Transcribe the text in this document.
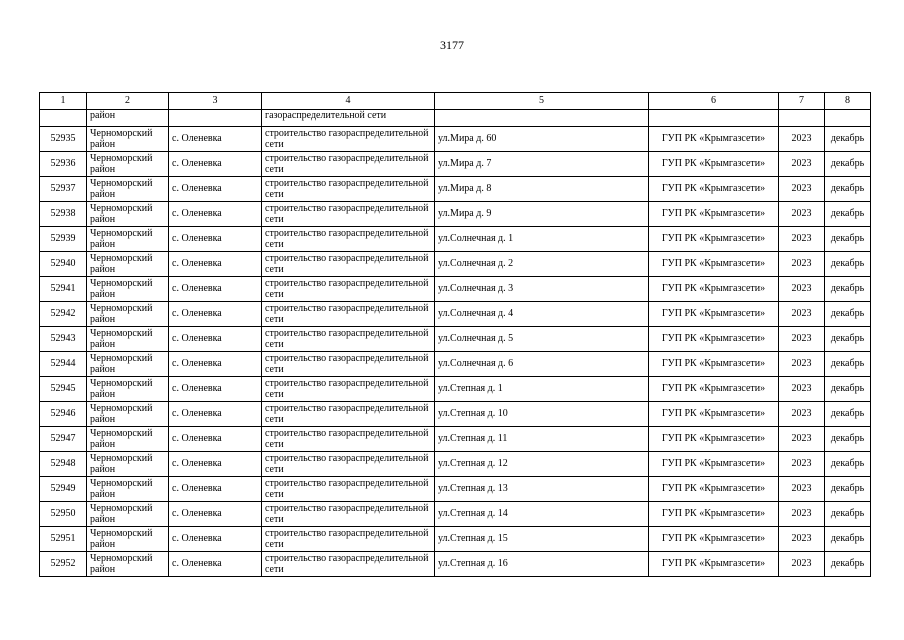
3177
1	2	3	4	5	6	7	8
	район		газораспределительной сети				
52935	Черноморский район	с. Оленевка	строительство газораспределительной сети	ул.Мира д. 60	ГУП РК «Крымгазсети»	2023	декабрь
52936	Черноморский район	с. Оленевка	строительство газораспределительной сети	ул.Мира д. 7	ГУП РК «Крымгазсети»	2023	декабрь
52937	Черноморский район	с. Оленевка	строительство газораспределительной сети	ул.Мира д. 8	ГУП РК «Крымгазсети»	2023	декабрь
52938	Черноморский район	с. Оленевка	строительство газораспределительной сети	ул.Мира д. 9	ГУП РК «Крымгазсети»	2023	декабрь
52939	Черноморский район	с. Оленевка	строительство газораспределительной сети	ул.Солнечная д. 1	ГУП РК «Крымгазсети»	2023	декабрь
52940	Черноморский район	с. Оленевка	строительство газораспределительной сети	ул.Солнечная д. 2	ГУП РК «Крымгазсети»	2023	декабрь
52941	Черноморский район	с. Оленевка	строительство газораспределительной сети	ул.Солнечная д. 3	ГУП РК «Крымгазсети»	2023	декабрь
52942	Черноморский район	с. Оленевка	строительство газораспределительной сети	ул.Солнечная д. 4	ГУП РК «Крымгазсети»	2023	декабрь
52943	Черноморский район	с. Оленевка	строительство газораспределительной сети	ул.Солнечная д. 5	ГУП РК «Крымгазсети»	2023	декабрь
52944	Черноморский район	с. Оленевка	строительство газораспределительной сети	ул.Солнечная д. 6	ГУП РК «Крымгазсети»	2023	декабрь
52945	Черноморский район	с. Оленевка	строительство газораспределительной сети	ул.Степная д. 1	ГУП РК «Крымгазсети»	2023	декабрь
52946	Черноморский район	с. Оленевка	строительство газораспределительной сети	ул.Степная д. 10	ГУП РК «Крымгазсети»	2023	декабрь
52947	Черноморский район	с. Оленевка	строительство газораспределительной сети	ул.Степная д. 11	ГУП РК «Крымгазсети»	2023	декабрь
52948	Черноморский район	с. Оленевка	строительство газораспределительной сети	ул.Степная д. 12	ГУП РК «Крымгазсети»	2023	декабрь
52949	Черноморский район	с. Оленевка	строительство газораспределительной сети	ул.Степная д. 13	ГУП РК «Крымгазсети»	2023	декабрь
52950	Черноморский район	с. Оленевка	строительство газораспределительной сети	ул.Степная д. 14	ГУП РК «Крымгазсети»	2023	декабрь
52951	Черноморский район	с. Оленевка	строительство газораспределительной сети	ул.Степная д. 15	ГУП РК «Крымгазсети»	2023	декабрь
52952	Черноморский район	с. Оленевка	строительство газораспределительной сети	ул.Степная д. 16	ГУП РК «Крымгазсети»	2023	декабрь
